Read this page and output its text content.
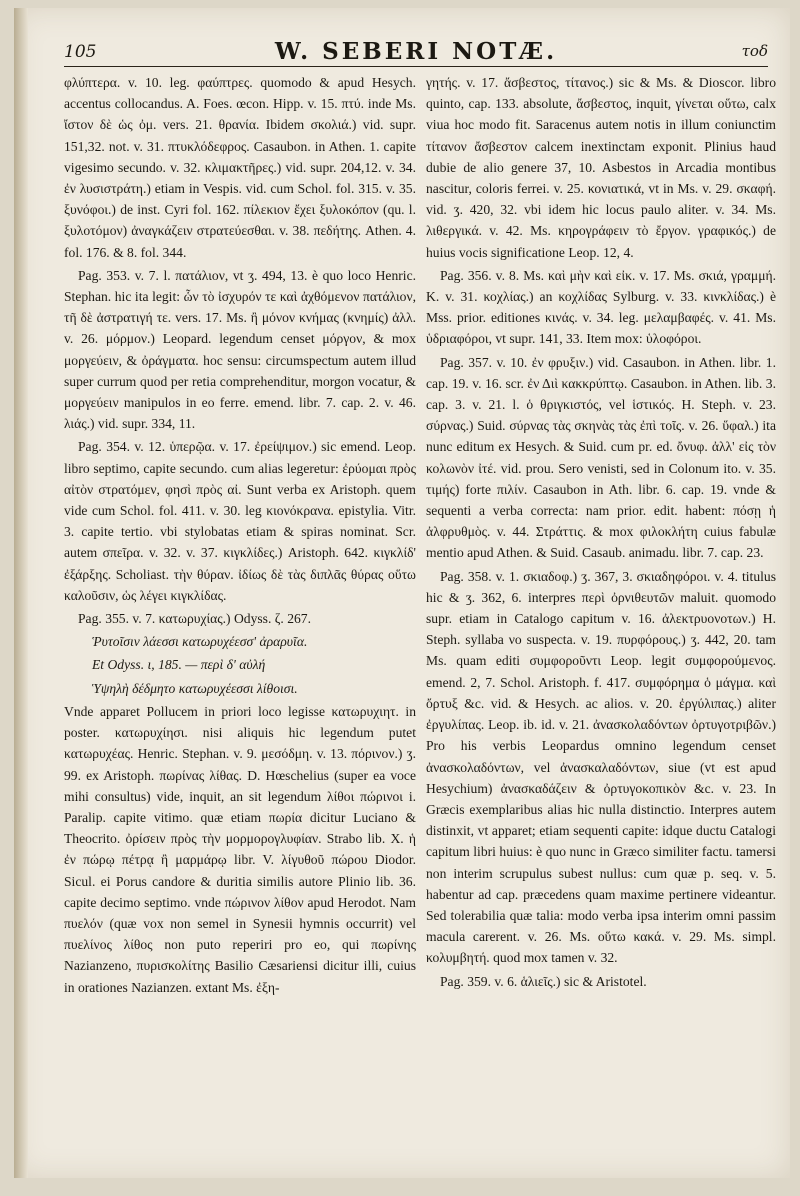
105	W. SEBERI NOTÆ.	τοδ

φλύπτερα. v. 10. leg. φαύπτρες. quomodo & apud Hesych. accentus collocandus. A. Foes. œcon. Hipp. v. 15. πτύ. inde Ms. ἴστον δὲ ὡς ὀμ. vers. 21. θρανία. Ibidem σκολιά.) vid. supr. 151,32. not. v. 31. πτυκλόδεφρος. Casaubon. in Athen. 1. capite vigesimo secundo. v. 32. κλιμακτῆρες.) vid. supr. 204,12. v. 34. ἐν λυσιστράτη.) etiam in Vespis. vid. cum Schol. fol. 315. v. 35. ξυνόφοι.) de inst. Cyri fol. 162. πίλεκιον ἔχει ξυλοκόπον (qu. l. ξυλοτόμον) ἀναγκάζειν στρατεύεσθαι. v. 38. πεδήτης. Athen. 4. fol. 176. & 8. fol. 344.

Pag. 353. v. 7. l. πατάλιον, vt ʒ. 494, 13. è quo loco Henric. Stephan. hic ita legit: ὧν τὸ ἰσχυρόν τε καὶ ἀχθόμενον πατάλιον, τῆ δὲ ἀστρατιγή τε. vers. 17. Ms. ἢ μόνον κνήμας (κνημίς) ἀλλ. v. 26. μόρμον.) Leopard. legendum censet μόργον, & mox μοργεύειν, & ὀράγματα. hoc sensu: circumspectum autem illud super currum quod per retia comprehenditur, morgon vocatur, & μοργεύειν manipulos in eo ferre. emend. libr. 7. cap. 2. v. 46. λιάς.) vid. supr. 334, 11.

Pag. 354. v. 12. ὑπερῷα. v. 17. ἐρείψιμον.) sic emend. Leop. libro septimo, capite secundo. cum alias legeretur: ἐρύομαι πρὸς αἰτὸν στρατόμεν, φησὶ πρὸς αἰ. Sunt verba ex Aristoph. quem vide cum Schol. fol. 411. v. 30. leg κιονόκρανα. epistylia. Vitr. 3. capite tertio. vbi stylobatas etiam & spiras nominat. Scr. autem σπεῖρα. v. 32. v. 37. κιγκλίδες.) Aristoph. 642. κιγκλίδ' ἐξάρξης. Scholiast. τὴν θύραν. ἰδίως δὲ τὰς διπλᾶς θύρας οὕτω καλοῦσιν, ὡς λέγει κιγκλίδας.

Pag. 355. v. 7. κατωρυχίας.) Odyss. ζ. 267.

Ῥυτοῖσιν λάεσσι κατωρυχέεσσ' ἀραρυῖα.

Et Odyss. ι, 185. — περὶ δ' αὐλή

Ὑψηλὴ δέδμητο κατωρυχέεσσι λίθοισι.

Vnde apparet Pollucem in priori loco legisse κατωρυχιητ. in poster. κατωρυχίησι. nisi aliquis hic legendum putet κατωρυχέας. Henric. Stephan. v. 9. μεσόδμη. v. 13. πόρινον.) ʒ. 99. ex Aristoph. πωρίνας λίθας. D. Hœschelius (super ea voce mihi consultus) vide, inquit, an sit legendum λίθοι πώρινοι i. Paralip. capite vitimo. quæ etiam πωρία dicitur Luciano & Theocrito. ὀρίσειν πρὸς τὴν μορμορογλυφίαν. Strabo lib. X. ἡ ἐν πώρῳ πέτρᾳ ἢ μαρμάρῳ libr. V. λίγυθοῦ πώρου Diodor. Sicul. ei Porus candore & duritia similis autore Plinio lib. 36. capite decimo septimo. vnde πώρινον λίθον apud Herodot. Nam πυελόν (quæ vox non semel in Synesii hymnis occurrit) vel πυελίνος λίθος non puto reperiri pro eo, qui πωρίνης Nazianzeno, πυρισκολίτης Basilio Cæsariensi dicitur illi, cuius in orationes Nazianzen. extant Ms. ἐξη-

γητής. v. 17. ἄσβεστος, τίτανος.) sic & Ms. & Dioscor. libro quinto, cap. 133. absolute, ἄσβεστος, inquit, γίνεται οὕτω, calx viua hoc modo fit. Saracenus autem notis in illum coniunctim τίτανον ἄσβεστον calcem inextinctam exponit. Plinius haud dubie de alio genere 37, 10. Asbestos in Arcadia montibus nascitur, coloris ferrei. v. 25. κονιατικά, vt in Ms. v. 29. σκαφή. vid. ʒ. 420, 32. vbi idem hic locus paulo aliter. v. 34. Ms. λιθεργικά. v. 42. Ms. κηρογράφειν τὸ ἔργον. γραφικός.) de huius vocis significatione Leop. 12, 4.

Pag. 356. v. 8. Ms. καὶ μὴν καὶ εἰκ. v. 17. Ms. σκιά, γραμμή. K. v. 31. κοχλίας.) an κοχλίδας Sylburg. v. 33. κινκλίδας.) è Mss. prior. editiones κινάς. v. 34. leg. μελαμβαφές. v. 41. Ms. ὑδριαφόροι, vt supr. 141, 33. Item mox: ὑλοφόροι.

Pag. 357. v. 10. ἐν φρυξιν.) vid. Casaubon. in Athen. libr. 1. cap. 19. v. 16. scr. ἐν Διὶ κακκρύπτῳ. Casaubon. in Athen. lib. 3. cap. 3. v. 21. l. ὁ θριγκιστός, vel ἱστικός. H. Steph. v. 23. σύρνας.) Suid. σύρνας τὰς σκηνὰς τὰς ἐπὶ τοῖς. v. 26. ὕφαλ.) ita nunc editum ex Hesych. & Suid. cum pr. ed. ὄνυφ. ἀλλ' εἰς τὸν κολωνὸν ἰτέ. vid. prou. Sero venisti, sed in Colonum ito. v. 35. τιμής) forte πιλίν. Casaubon in Ath. libr. 6. cap. 19. vnde & sequenti a verba correcta: nam prior. edit. habent: πόσῃ ἡ ἀλφρυθμὸς. v. 44. Στράττις. & mox φιλοκλήτη cuius fabulæ mentio apud Athen. & Suid. Casaub. animadu. libr. 7. cap. 23.

Pag. 358. v. 1. σκιαδοφ.) ʒ. 367, 3. σκιαδηφόροι. v. 4. titulus hic & ʒ. 362, 6. interpres περὶ ὀρνιθευτῶν maluit. quomodo supr. etiam in Catalogo capitum v. 16. ἀλεκτρυονοτων.) H. Steph. syllaba νο suspecta. v. 19. πυρφόρους.) ʒ. 442, 20. tam Ms. quam editi συμφοροῦντι Leop. legit συμφορούμενος. emend. 2, 7. Schol. Aristoph. f. 417. συμφόρημα ὁ μάγμα. καὶ ὄρτυξ &c. vid. & Hesych. ac alios. v. 20. ἐργύλιπας.) aliter ἐργυλίπας. Leop. ib. id. v. 21. ἀνασκολαδόντων ὀρτυγοτριβῶν.) Pro his verbis Leopardus omnino legendum censet ἀνασκολαδόντων, vel ἀνασκαλαδόντων, siue (vt est apud Hesychium) ἀνασκαδάζειν & ὀρτυγοκοπικὸν &c. v. 23. In Græcis exemplaribus alias hic nulla distinctio. Interpres autem distinxit, vt apparet; etiam sequenti capite: idque ductu Catalogi capitum libri huius: è quo nunc in Græco similiter factu. tamersi non interim scrupulus subest nullus: cum quæ p. seq. v. 5. habentur ad cap. præcedens quam maxime pertinere videantur. Sed tolerabilia quæ talia: modo verba ipsa interim omni passim macula carerent. v. 26. Ms. οὕτω κακά. v. 29. Ms. simpl. κολυμβητή. quod mox tamen v. 32.

Pag. 359. v. 6. ἁλιεῖς.) sic & Aristotel.
